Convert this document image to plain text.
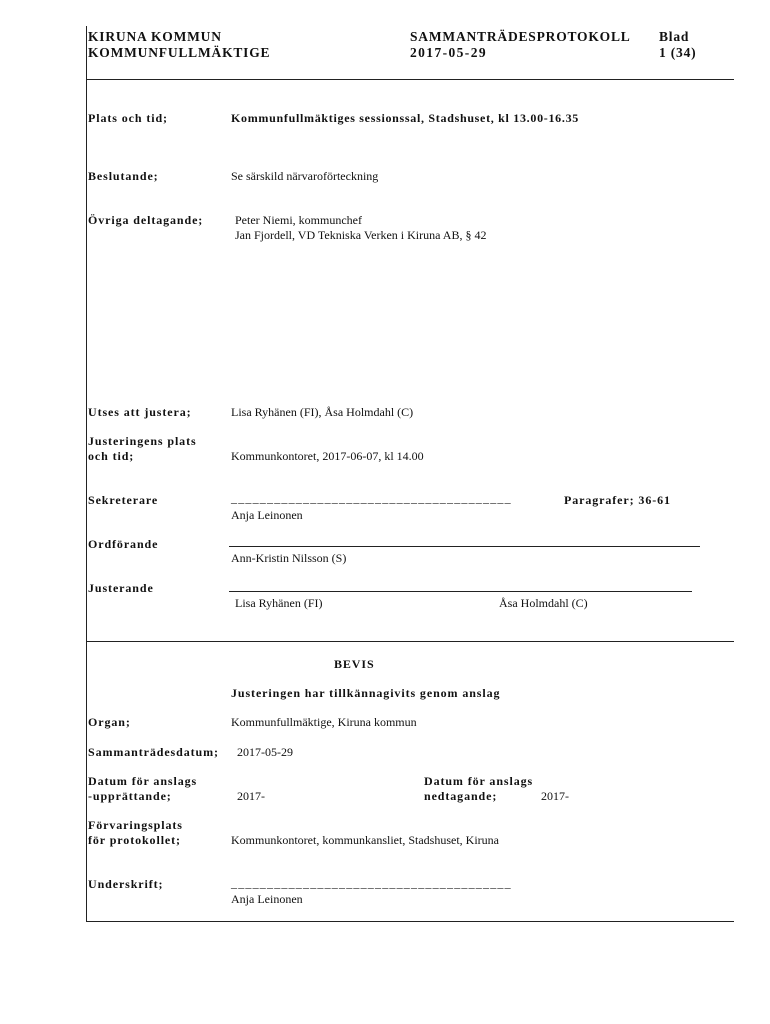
KIRUNA KOMMUN
KOMMUNFULLMÄKTIGE
SAMMANTRÄDESPROTOKOLL
2017-05-29
Blad
1 (34)
Plats och tid;	Kommunfullmäktiges sessionssal, Stadshuset, kl 13.00-16.35
Beslutande;	Se särskild närvaroförteckning
Övriga deltagande;	Peter Niemi, kommunchef
Jan Fjordell, VD Tekniska Verken i Kiruna AB, § 42
Utses att justera;	Lisa Ryhänen (FI), Åsa Holmdahl (C)
Justeringens plats
och tid;	Kommunkontoret, 2017-06-07, kl 14.00
Sekreterare	_______________________________________	Paragrafer; 36-61
Anja Leinonen
Ordförande
Ann-Kristin Nilsson (S)
Justerande
Lisa Ryhänen (FI)	Åsa Holmdahl (C)
BEVIS
Justeringen har tillkännagivits genom anslag
Organ;	Kommunfullmäktige, Kiruna kommun
Sammanträdesdatum; 2017-05-29
Datum för anslags
-upprättande;	2017-
Datum för anslags
nedtagande;	2017-
Förvaringsplats
för protokollet;	Kommunkontoret, kommunkansliet, Stadshuset, Kiruna
Underskrift;	_______________________________________
Anja Leinonen
